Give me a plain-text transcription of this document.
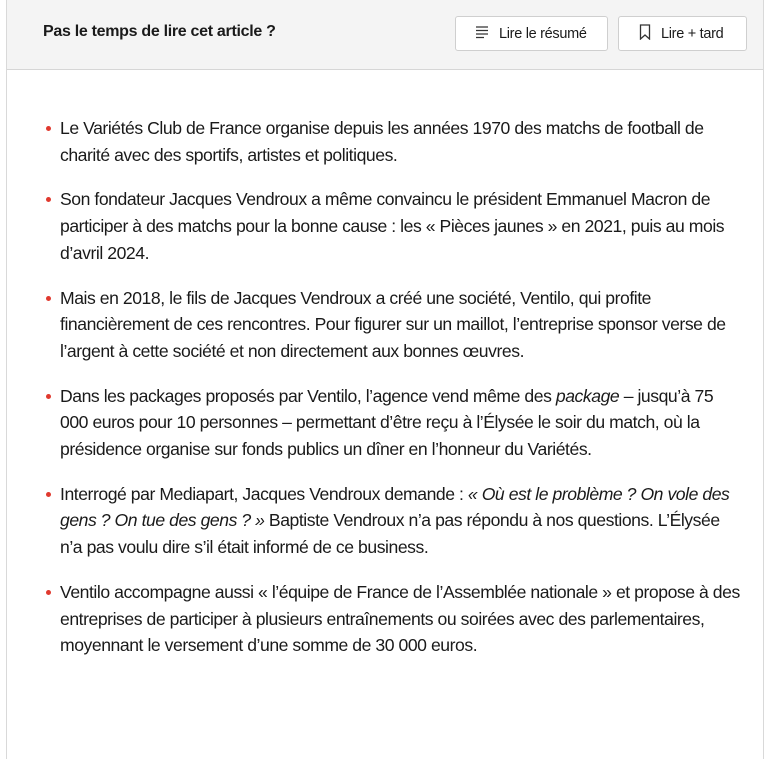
Pas le temps de lire cet article ?	Lire le résumé	Lire + tard
Le Variétés Club de France organise depuis les années 1970 des matchs de football de charité avec des sportifs, artistes et politiques.
Son fondateur Jacques Vendroux a même convaincu le président Emmanuel Macron de participer à des matchs pour la bonne cause : les « Pièces jaunes » en 2021, puis au mois d’avril 2024.
Mais en 2018, le fils de Jacques Vendroux a créé une société, Ventilo, qui profite financièrement de ces rencontres. Pour figurer sur un maillot, l’entreprise sponsor verse de l’argent à cette société et non directement aux bonnes œuvres.
Dans les packages proposés par Ventilo, l’agence vend même des package – jusqu’à 75 000 euros pour 10 personnes – permettant d’être reçu à l’Élysée le soir du match, où la présidence organise sur fonds publics un dîner en l’honneur du Variétés.
Interrogé par Mediapart, Jacques Vendroux demande : « Où est le problème ? On vole des gens ? On tue des gens ? » Baptiste Vendroux n’a pas répondu à nos questions. L’Élysée n’a pas voulu dire s’il était informé de ce business.
Ventilo accompagne aussi « l’équipe de France de l’Assemblée nationale » et propose à des entreprises de participer à plusieurs entraînements ou soirées avec des parlementaires, moyennant le versement d’une somme de 30 000 euros.
